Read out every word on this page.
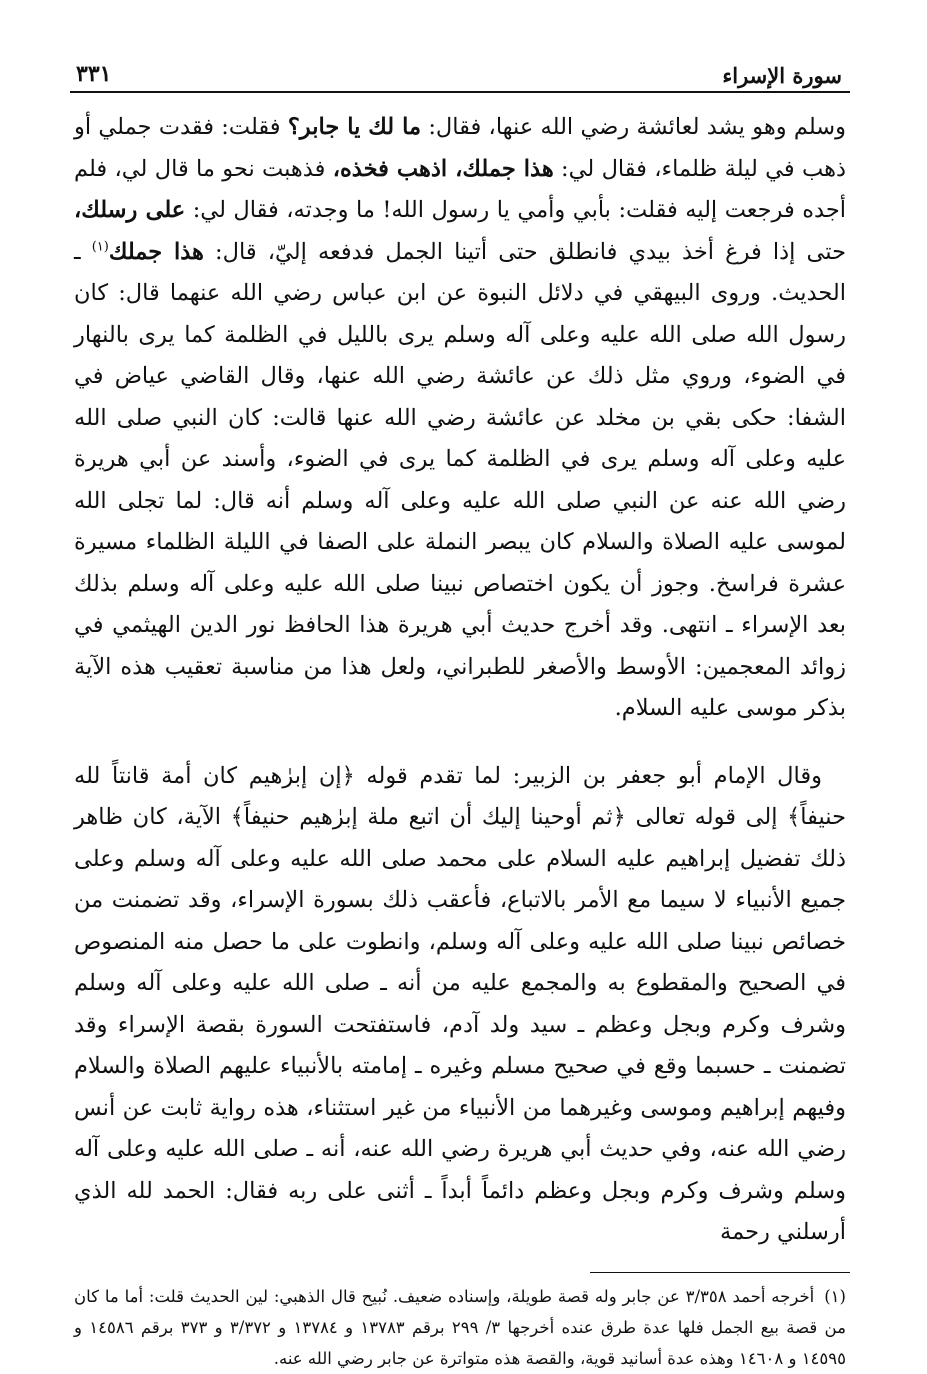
سورة الإسراء
٣٣١

وسلم وهو يشد لعائشة رضي الله عنها، فقال: ما لك يا جابر؟ فقلت: فقدت جملي أو ذهب في ليلة ظلماء، فقال لي: هذا جملك، اذهب فخذه، فذهبت نحو ما قال لي، فلم أجده فرجعت إليه فقلت: بأبي وأمي يا رسول الله! ما وجدته، فقال لي: على رسلك، حتى إذا فرغ أخذ بيدي فانطلق حتى أتينا الجمل فدفعه إليّ، قال: هذا جملك$^{(١)}$ ـ الحديث. وروى البيهقي في دلائل النبوة عن ابن عباس رضي الله عنهما قال: كان رسول الله صلى الله عليه وعلى آله وسلم يرى بالليل في الظلمة كما يرى بالنهار في الضوء، وروي مثل ذلك عن عائشة رضي الله عنها، وقال القاضي عياض في الشفا: حكى بقي بن مخلد عن عائشة رضي الله عنها قالت: كان النبي صلى الله عليه وعلى آله وسلم يرى في الظلمة كما يرى في الضوء، وأسند عن أبي هريرة رضي الله عنه عن النبي صلى الله عليه وعلى آله وسلم أنه قال: لما تجلى الله لموسى عليه الصلاة والسلام كان يبصر النملة على الصفا في الليلة الظلماء مسيرة عشرة فراسخ. وجوز أن يكون اختصاص نبينا صلى الله عليه وعلى آله وسلم بذلك بعد الإسراء ـ انتهى. وقد أخرج حديث أبي هريرة هذا الحافظ نور الدين الهيثمي في زوائد المعجمين: الأوسط والأصغر للطبراني، ولعل هذا من مناسبة تعقيب هذه الآية بذكر موسى عليه السلام.

وقال الإمام أبو جعفر بن الزبير: لما تقدم قوله ﴿إن إبرٰهيم كان أمة قانتاً لله حنيفاً﴾ إلى قوله تعالى ﴿ثم أوحينا إليك أن اتبع ملة إبرٰهيم حنيفاً﴾ الآية، كان ظاهر ذلك تفضيل إبراهيم عليه السلام على محمد صلى الله عليه وعلى آله وسلم وعلى جميع الأنبياء لا سيما مع الأمر بالاتباع، فأعقب ذلك بسورة الإسراء، وقد تضمنت من خصائص نبينا صلى الله عليه وعلى آله وسلم، وانطوت على ما حصل منه المنصوص في الصحيح والمقطوع به والمجمع عليه من أنه ـ صلى الله عليه وعلى آله وسلم وشرف وكرم وبجل وعظم ـ سيد ولد آدم، فاستفتحت السورة بقصة الإسراء وقد تضمنت ـ حسبما وقع في صحيح مسلم وغيره ـ إمامته بالأنبياء عليهم الصلاة والسلام وفيهم إبراهيم وموسى وغيرهما من الأنبياء من غير استثناء، هذه رواية ثابت عن أنس رضي الله عنه، وفي حديث أبي هريرة رضي الله عنه، أنه ـ صلى الله عليه وعلى آله وسلم وشرف وكرم وبجل وعظم دائماً أبداً ـ أثنى على ربه فقال: الحمد لله الذي أرسلني رحمة

(١)أخرجه أحمد ٣/٣٥٨ عن جابر وله قصة طويلة، وإسناده ضعيف. نُبيح قال الذهبي: لين الحديث قلت: أما ما كان من قصة بيع الجمل فلها عدة طرق عنده أخرجها ٣/ ٢٩٩ برقم ١٣٧٨٣ و ١٣٧٨٤ و ٣/٣٧٢ و ٣٧٣ برقم ١٤٥٨٦ و ١٤٥٩٥ و ١٤٦٠٨ وهذه عدة أسانيد قوية، والقصة هذه متواترة عن جابر رضي الله عنه.
